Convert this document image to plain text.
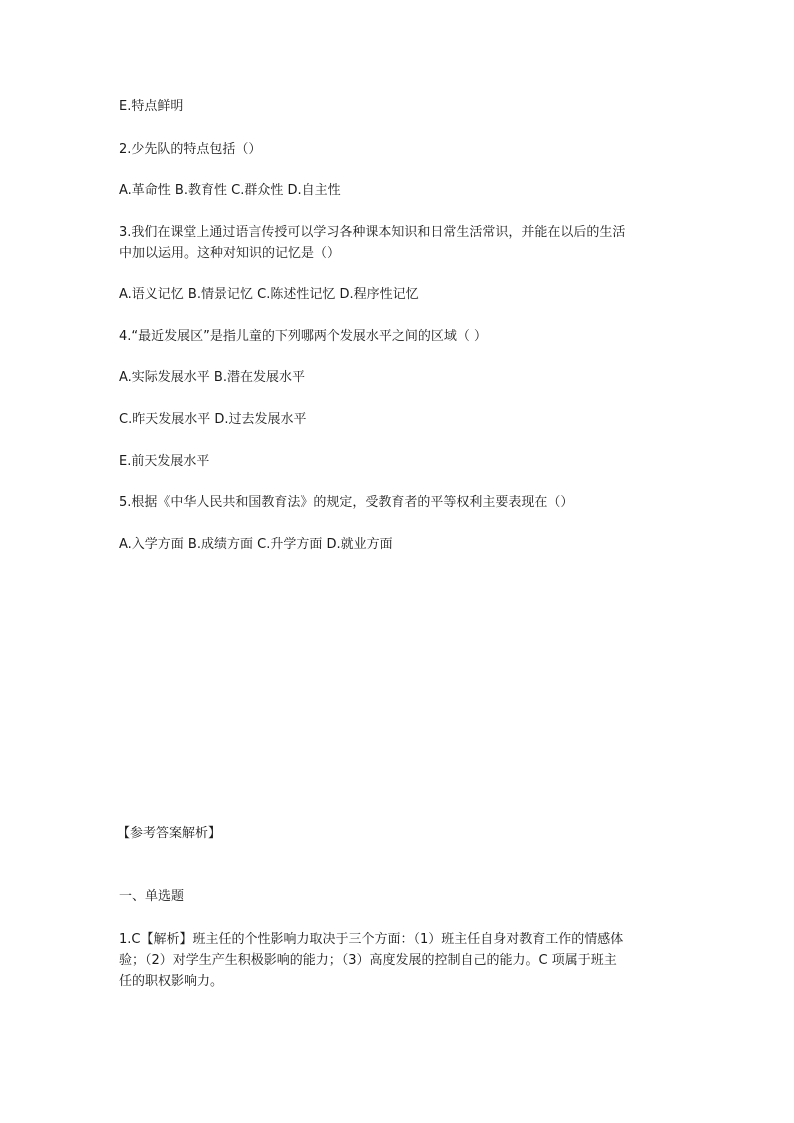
E.特点鲜明
2.少先队的特点包括（）
A.革命性 B.教育性 C.群众性 D.自主性
3.我们在课堂上通过语言传授可以学习各种课本知识和日常生活常识，并能在以后的生活
中加以运用。这种对知识的记忆是（）
A.语义记忆 B.情景记忆 C.陈述性记忆 D.程序性记忆
4.“最近发展区”是指儿童的下列哪两个发展水平之间的区域（ ）
A.实际发展水平 B.潜在发展水平
C.昨天发展水平 D.过去发展水平
E.前天发展水平
5.根据《中华人民共和国教育法》的规定，受教育者的平等权利主要表现在（）
A.入学方面 B.成绩方面 C.升学方面 D.就业方面
【参考答案解析】
一、单选题
1.C【解析】班主任的个性影响力取决于三个方面：（1）班主任自身对教育工作的情感体
验；（2）对学生产生积极影响的能力；（3）高度发展的控制自己的能力。C 项属于班主
任的职权影响力。
